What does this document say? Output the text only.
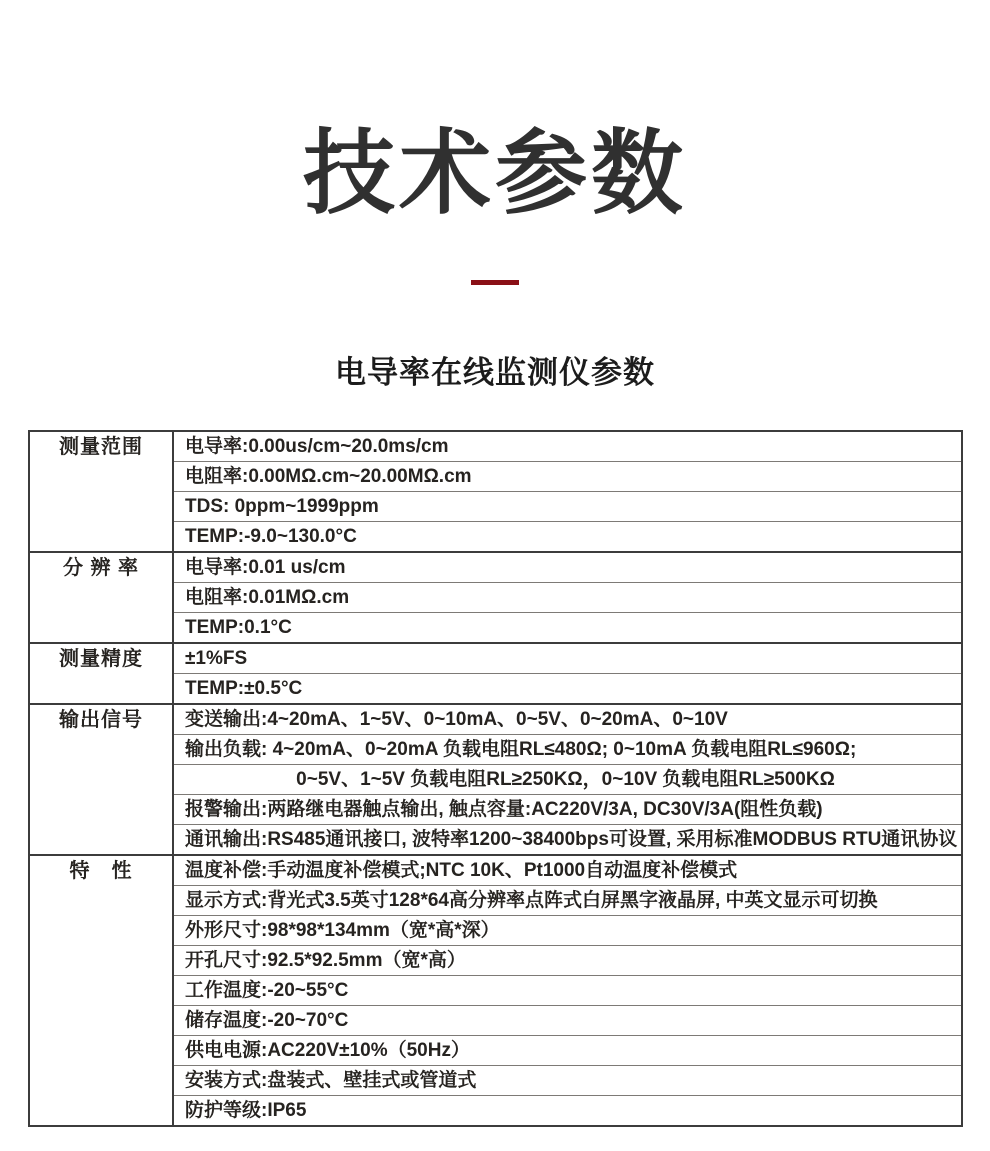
技术参数
电导率在线监测仪参数
测量范围	电导率:0.00us/cm~20.0ms/cm
	电阻率:0.00MΩ.cm~20.00MΩ.cm
	TDS: 0ppm~1999ppm
	TEMP:-9.0~130.0°C
分 辨 率	电导率:0.01 us/cm
	电阻率:0.01MΩ.cm
	TEMP:0.1°C
测量精度	±1%FS
	TEMP:±0.5°C
输出信号	变送输出:4~20mA、1~5V、0~10mA、0~5V、0~20mA、0~10V
	输出负载: 4~20mA、0~20mA 负载电阻RL≤480Ω; 0~10mA 负载电阻RL≤960Ω;
	0~5V、1~5V 负载电阻RL≥250KΩ，0~10V 负载电阻RL≥500KΩ
	报警输出:两路继电器触点输出, 触点容量:AC220V/3A, DC30V/3A(阻性负载)
	通讯输出:RS485通讯接口, 波特率1200~38400bps可设置, 采用标准MODBUS RTU通讯协议
特　性	温度补偿:手动温度补偿模式;NTC 10K、Pt1000自动温度补偿模式
	显示方式:背光式3.5英寸128*64高分辨率点阵式白屏黑字液晶屏, 中英文显示可切换
	外形尺寸:98*98*134mm（宽*高*深）
	开孔尺寸:92.5*92.5mm（宽*高）
	工作温度:-20~55°C
	储存温度:-20~70°C
	供电电源:AC220V±10%（50Hz）
	安装方式:盘装式、壁挂式或管道式
	防护等级:IP65
